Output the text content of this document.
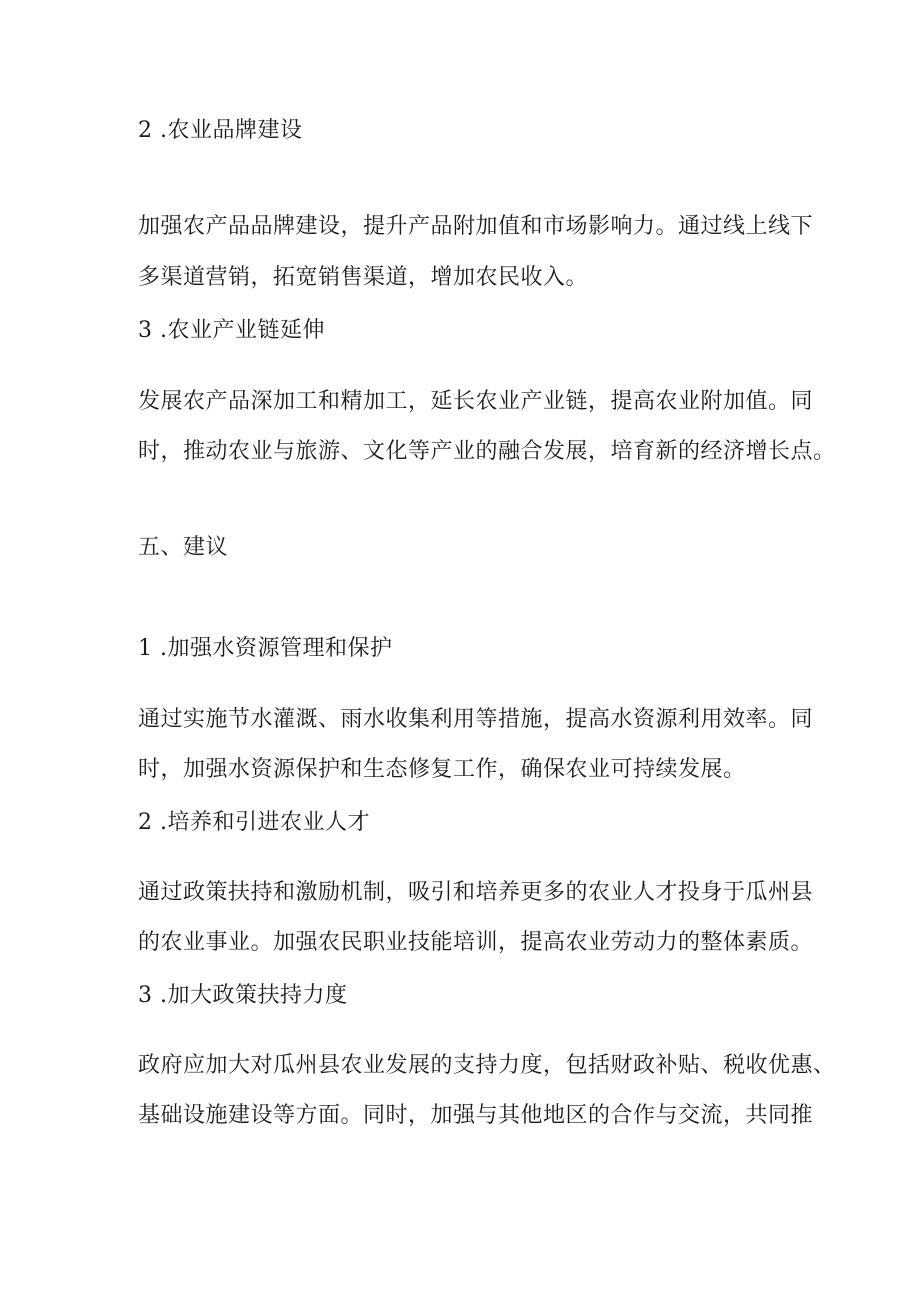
2 .农业品牌建设
加强农产品品牌建设，提升产品附加值和市场影响力。通过线上线下
多渠道营销，拓宽销售渠道，增加农民收入。
3 .农业产业链延伸
发展农产品深加工和精加工，延长农业产业链，提高农业附加值。同
时，推动农业与旅游、文化等产业的融合发展，培育新的经济增长点。
五、建议
1 .加强水资源管理和保护
通过实施节水灌溉、雨水收集利用等措施，提高水资源利用效率。同
时，加强水资源保护和生态修复工作，确保农业可持续发展。
2 .培养和引进农业人才
通过政策扶持和激励机制，吸引和培养更多的农业人才投身于瓜州县
的农业事业。加强农民职业技能培训，提高农业劳动力的整体素质。
3 .加大政策扶持力度
政府应加大对瓜州县农业发展的支持力度，包括财政补贴、税收优惠、
基础设施建设等方面。同时，加强与其他地区的合作与交流，共同推
